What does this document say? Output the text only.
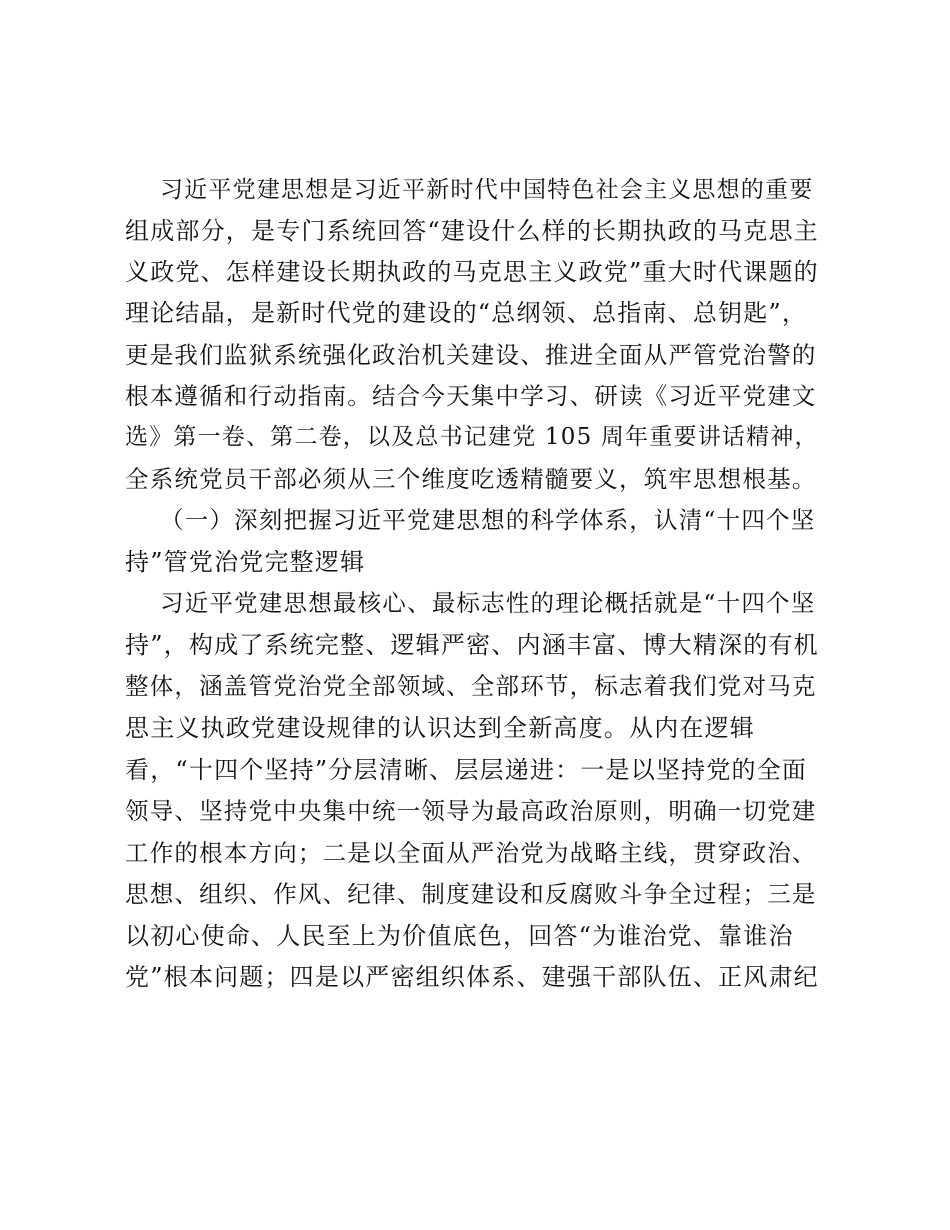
习近平党建思想是习近平新时代中国特色社会主义思想的重要
组成部分，是专门系统回答“建设什么样的长期执政的马克思主
义政党、怎样建设长期执政的马克思主义政党”重大时代课题的
理论结晶，是新时代党的建设的“总纲领、总指南、总钥匙”，
更是我们监狱系统强化政治机关建设、推进全面从严管党治警的
根本遵循和行动指南。结合今天集中学习、研读《习近平党建文
选》第一卷、第二卷，以及总书记建党 105 周年重要讲话精神，
全系统党员干部必须从三个维度吃透精髓要义，筑牢思想根基。
（一）深刻把握习近平党建思想的科学体系，认清“十四个坚
持”管党治党完整逻辑
习近平党建思想最核心、最标志性的理论概括就是“十四个坚
持”，构成了系统完整、逻辑严密、内涵丰富、博大精深的有机
整体，涵盖管党治党全部领域、全部环节，标志着我们党对马克
思主义执政党建设规律的认识达到全新高度。从内在逻辑
看，“十四个坚持”分层清晰、层层递进：一是以坚持党的全面
领导、坚持党中央集中统一领导为最高政治原则，明确一切党建
工作的根本方向；二是以全面从严治党为战略主线，贯穿政治、
思想、组织、作风、纪律、制度建设和反腐败斗争全过程；三是
以初心使命、人民至上为价值底色，回答“为谁治党、靠谁治
党”根本问题；四是以严密组织体系、建强干部队伍、正风肃纪
